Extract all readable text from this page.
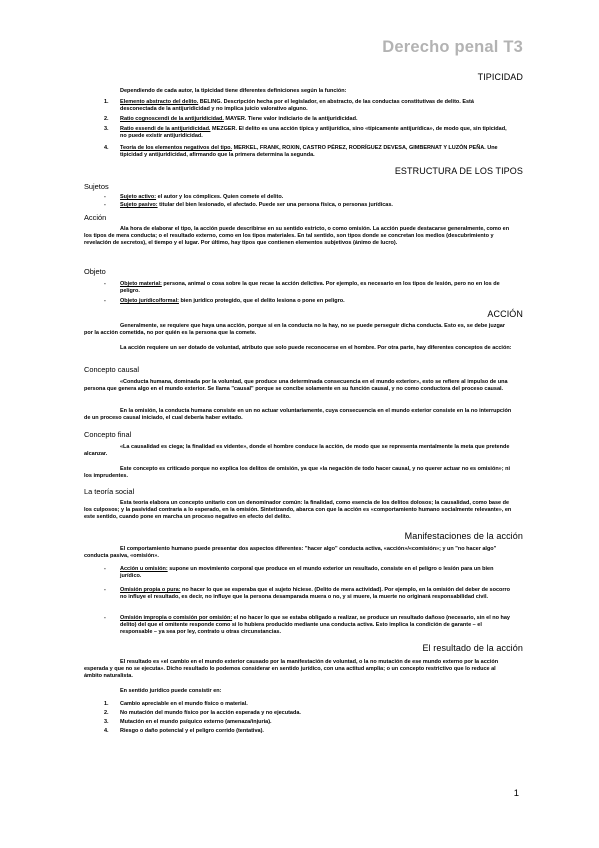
Derecho penal T3
TIPICIDAD

Dependiendo de cada autor, la tipicidad tiene diferentes definiciones según la función:

1. Elemento abstracto del delito. BELING. Descripción hecha por el legislador, en abstracto, de las conductas constitutivas de delito. Está desconectada de la antijuridicidad y no implica juicio valorativo alguno.

2. Ratio cognoscendi de la antijuridicidad. MAYER. Tiene valor indiciario de la antijuridicidad.

3. Ratio essendi de la antijuridicidad. MEZGER. El delito es una acción típica y antijurídica, sino «típicamente antijurídica», de modo que, sin tipicidad, no puede existir antijuridicidad.

4. Teoría de los elementos negativos del tipo. MERKEL, FRANK, ROXIN, CASTRO PÉREZ, RODRÍGUEZ DEVESA, GIMBERNAT Y LUZÓN PEÑA. Une tipicidad y antijuridicidad, afirmando que la primera determina la segunda.

ESTRUCTURA DE LOS TIPOS
Sujetos
-	Sujeto activo: el autor y los cómplices. Quien comete el delito.

-	Sujeto pasivo: titular del bien lesionado, el afectado. Puede ser una persona física, o personas jurídicas.

Acción

Ala hora de elaborar el tipo, la acción puede describirse en su sentido estricto, o como omisión. La acción puede destacarse generalmente, como en los tipos de mera conducta; o el resultado externo, como en los tipos materiales. En tal sentido, son tipos donde se concretan los medios (descubrimiento y revelación de secretos), el tiempo y el lugar. Por último, hay tipos que contienen elementos subjetivos (ánimo de lucro).

Objeto
-	Objeto material: persona, animal o cosa sobre la que recae la acción delictiva. Por ejemplo, es necesario en los tipos de lesión, pero no en los de peligro.

-	Objeto jurídico/formal: bien jurídico protegido, que el delito lesiona o pone en peligro.

ACCIÓN

Generalmente, se requiere que haya una acción, porque si en la conducta no la hay, no se puede perseguir dicha conducta. Esto es, se debe juzgar por la acción cometida, no por quién es la persona que la comete.

La acción requiere un ser dotado de voluntad, atributo que solo puede reconocerse en el hombre. Por otra parte, hay diferentes conceptos de acción:

Concepto causal

«Conducta humana, dominada por la voluntad, que produce una determinada consecuencia en el mundo exterior», esto se refiere al impulso de una persona que genera algo en el mundo exterior. Se llama "causal" porque se concibe solamente en su función causal, y no como conductora del proceso causal.

En la omisión, la conducta humana consiste en un no actuar voluntariamente, cuya consecuencia en el mundo exterior consiste en la no interrupción de un proceso causal iniciado, el cual debería haber evitado.

Concepto final

«La causalidad es ciega; la finalidad es vidente», donde el hombre conduce la acción, de modo que se representa mentalmente la meta que pretende alcanzar.

Este concepto es criticado porque no explica los delitos de omisión, ya que «la negación de todo hacer causal, y no querer actuar no es omisión»; ni los imprudentes.

La teoría social

Esta teoría elabora un concepto unitario con un denominador común: la finalidad, como esencia de los delitos dolosos; la causalidad, como base de los culposos; y la pasividad contraria a lo esperado, en la omisión. Sintetizando, abarca con que la acción es «comportamiento humano socialmente relevante», en este sentido, cuando pone en marcha un proceso negativo en efecto del delito.

Manifestaciones de la acción

El comportamiento humano puede presentar dos aspectos diferentes: "hacer algo" conducta activa, «acción»/«comisión»; y un "no hacer algo" conducta pasiva, «omisión».

-	Acción u omisión: supone un movimiento corporal que produce en el mundo exterior un resultado, consiste en el peligro o lesión para un bien jurídico.

-	Omisión propia o pura: no hacer lo que se esperaba que el sujeto hiciese. (Delito de mera actividad). Por ejemplo, en la omisión del deber de socorro no influye el resultado, es decir, no influye que la persona desamparada muera o no, y si muere, la muerte no originará responsabilidad civil.

-	Omisión impropia o comisión por omisión: el no hacer lo que se estaba obligado a realizar, se produce un resultado dañoso (necesario, sin el no hay delito) del que el omitente responde como si lo hubiera producido mediante una conducta activa. Esto implica la condición de garante – el responsable – ya sea por ley, contrato u otras circunstancias.

El resultado de la acción

El resultado es «el cambio en el mundo exterior causado por la manifestación de voluntad, o la no mutación de ese mundo externo por la acción esperada y que no se ejecuta». Dicho resultado lo podemos considerar en sentido jurídico, con una actitud amplia; o un concepto restrictivo que lo reduce al ámbito naturalista.

En sentido jurídico puede consistir en:

1. Cambio apreciable en el mundo físico o material.

2. No mutación del mundo físico por la acción esperada y no ejecutada.

3. Mutación en el mundo psíquico externo (amenaza/injuria).

4. Riesgo o daño potencial y el peligro corrido (tentativa).

1
